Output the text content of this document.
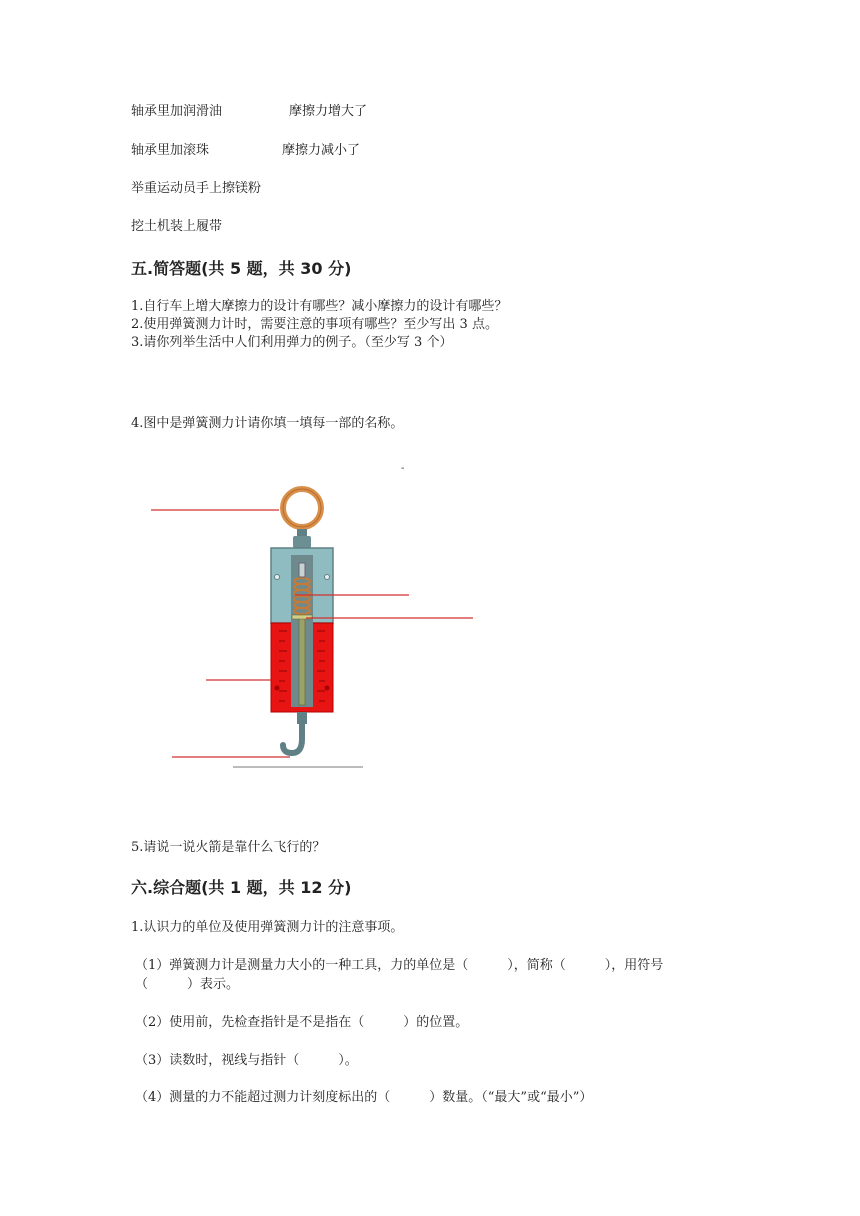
轴承里加润滑油	摩擦力增大了
轴承里加滚珠	摩擦力减小了
举重运动员手上擦镁粉
挖土机装上履带
五.简答题(共 5 题，共 30 分)
1.自行车上增大摩擦力的设计有哪些？减小摩擦力的设计有哪些？
2.使用弹簧测力计时，需要注意的事项有哪些？至少写出 3 点。
3.请你列举生活中人们利用弹力的例子。（至少写 3 个）
4.图中是弹簧测力计请你填一填每一部的名称。
-
5.请说一说火箭是靠什么飞行的？
六.综合题(共 1 题，共 12 分)
1.认识力的单位及使用弹簧测力计的注意事项。
（1）弹簧测力计是测量力大小的一种工具，力的单位是（　　　），简称（　　　），用符号
（　　　）表示。
（2）使用前，先检查指针是不是指在（　　　）的位置。
（3）读数时，视线与指针（　　　）。
（4）测量的力不能超过测力计刻度标出的（　　　）数量。（“最大”或“最小”）
